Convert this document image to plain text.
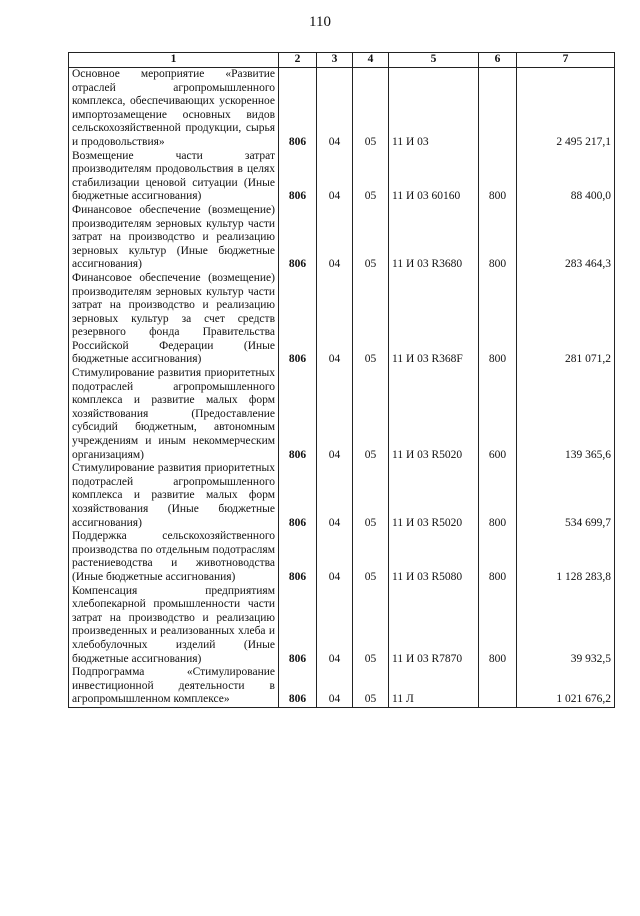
110
1	2	3	4	5	6	7
Основное мероприятие «Развитие отраслей агропромышленного комплекса, обеспечивающих ускоренное импортозамещение основных видов сельскохозяйственной продукции, сырья и продовольствия»	806	04	05	11 И 03		2 495 217,1
Возмещение части затрат производителям продовольствия в целях стабилизации ценовой ситуации (Иные бюджетные ассигнования)	806	04	05	11 И 03 60160	800	88 400,0
Финансовое обеспечение (возмещение) производителям зерновых культур части затрат на производство и реализацию зерновых культур (Иные бюджетные ассигнования)	806	04	05	11 И 03 R3680	800	283 464,3
Финансовое обеспечение (возмещение) производителям зерновых культур части затрат на производство и реализацию зерновых культур за счет средств резервного фонда Правительства Российской Федерации (Иные бюджетные ассигнования)	806	04	05	11 И 03 R368F	800	281 071,2
Стимулирование развития приоритетных подотраслей агропромышленного комплекса и развитие малых форм хозяйствования (Предоставление субсидий бюджетным, автономным учреждениям и иным некоммерческим организациям)	806	04	05	11 И 03 R5020	600	139 365,6
Стимулирование развития приоритетных подотраслей агропромышленного комплекса и развитие малых форм хозяйствования (Иные бюджетные ассигнования)	806	04	05	11 И 03 R5020	800	534 699,7
Поддержка сельскохозяйственного производства по отдельным подотраслям растениеводства и животноводства (Иные бюджетные ассигнования)	806	04	05	11 И 03 R5080	800	1 128 283,8
Компенсация предприятиям хлебопекарной промышленности части затрат на производство и реализацию произведенных и реализованных хлеба и хлебобулочных изделий (Иные бюджетные ассигнования)	806	04	05	11 И 03 R7870	800	39 932,5
Подпрограмма «Стимулирование инвестиционной деятельности в агропромышленном комплексе»	806	04	05	11 Л		1 021 676,2
